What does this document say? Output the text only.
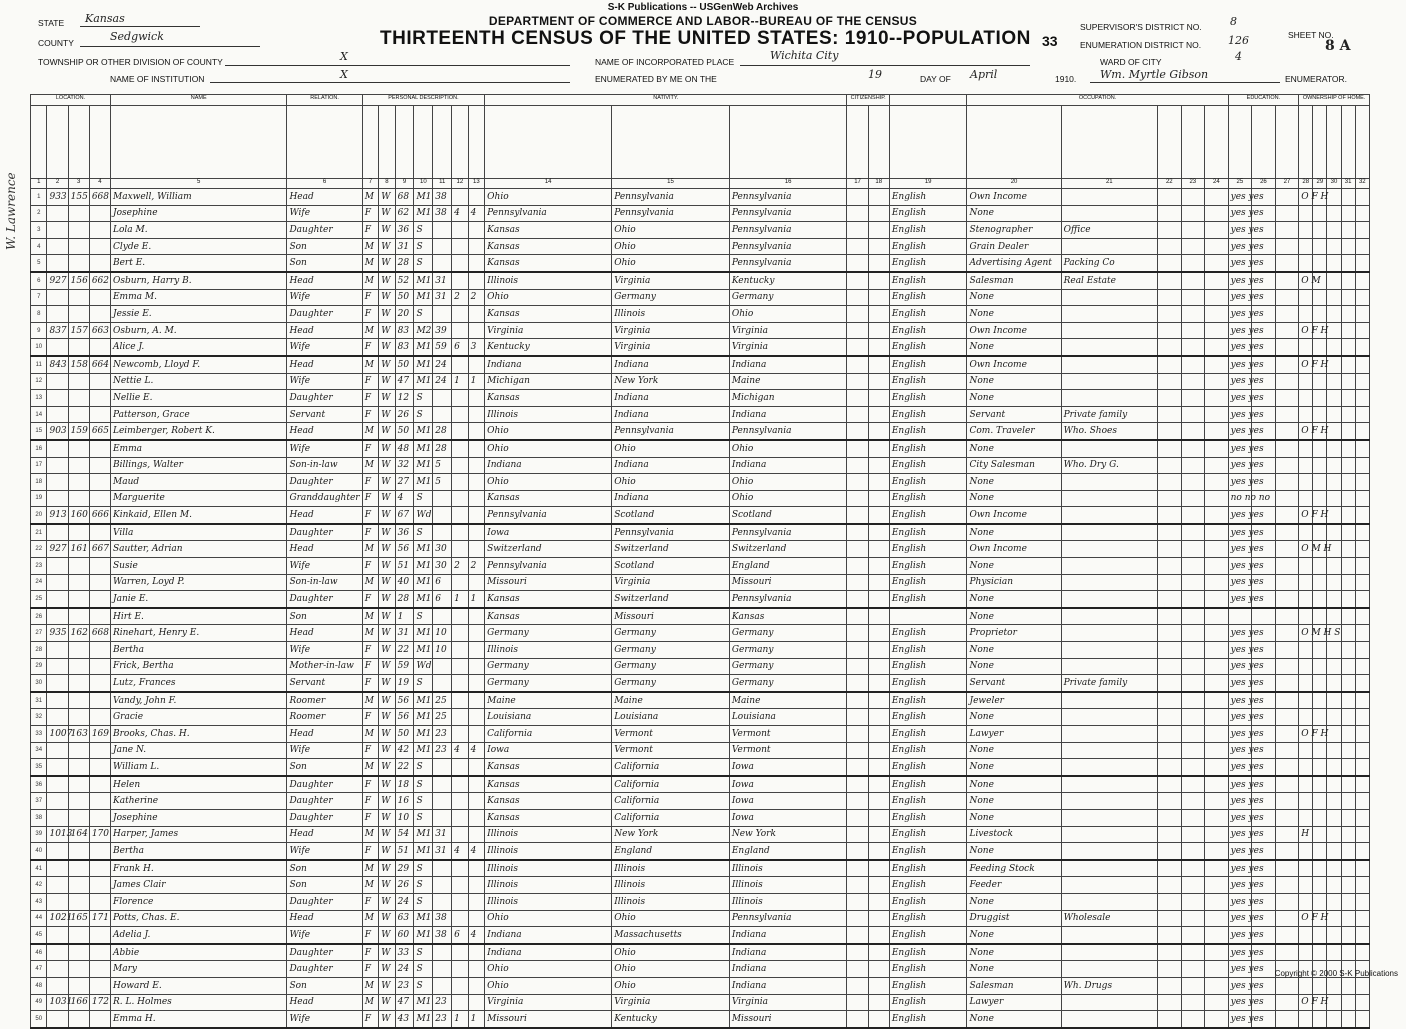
S-K Publications -- USGenWeb Archives
DEPARTMENT OF COMMERCE AND LABOR--BUREAU OF THE CENSUS
THIRTEENTH CENSUS OF THE UNITED STATES: 1910--POPULATION 33
STATE Kansas
COUNTY	Sedgwick
TOWNSHIP OR OTHER DIVISION OF COUNTY	X
NAME OF INSTITUTION	X
NAME OF INCORPORATED PLACE	Wichita City
ENUMERATED BY ME ON THE	19	DAY OF April	1910. Wm. Myrtle Gibson	ENUMERATOR.
SUPERVISOR'S DISTRICT NO.	8
ENUMERATION DISTRICT NO. 126
WARD OF CITY	4
SHEET NO.
8 A
W. Lawrence
LOCATION.				NAME	RELATION.	PERSONAL DESCRIPTION.							NATIVITY.			CITIZENSHIP.			OCCUPATION.					EDUCATION.			OWNERSHIP OF HOME.				

1	2	3	4	5	6	7	8	9	10	11	12	13	14	15	16	17	18	19	20	21	22	23	24	25	26	27	28	29	30	31	32
1	933	155	668	Maxwell, William	Head	M	W	68	M1	38			Ohio	Pennsylvania	Pennsylvania			English	Own Income					yes yes			O F H				
2				Josephine	Wife	F	W	62	M1	38	4	4	Pennsylvania	Pennsylvania	Pennsylvania			English	None					yes yes							
3				Lola M.	Daughter	F	W	36	S				Kansas	Ohio	Pennsylvania			English	Stenographer	Office				yes yes							
4				Clyde E.	Son	M	W	31	S				Kansas	Ohio	Pennsylvania			English	Grain Dealer					yes yes							
5				Bert E.	Son	M	W	28	S				Kansas	Ohio	Pennsylvania			English	Advertising Agent	Packing Co				yes yes							
6	927	156	662	Osburn, Harry B.	Head	M	W	52	M1	31			Illinois	Virginia	Kentucky			English	Salesman	Real Estate				yes yes			O M				
7				Emma M.	Wife	F	W	50	M1	31	2	2	Ohio	Germany	Germany			English	None					yes yes							
8				Jessie E.	Daughter	F	W	20	S				Kansas	Illinois	Ohio			English	None					yes yes							
9	837	157	663	Osburn, A. M.	Head	M	W	83	M2	39			Virginia	Virginia	Virginia			English	Own Income					yes yes			O F H				
10				Alice J.	Wife	F	W	83	M1	59	6	3	Kentucky	Virginia	Virginia			English	None					yes yes							
11	843	158	664	Newcomb, Lloyd F.	Head	M	W	50	M1	24			Indiana	Indiana	Indiana			English	Own Income					yes yes			O F H				
12				Nettie L.	Wife	F	W	47	M1	24	1	1	Michigan	New York	Maine			English	None					yes yes							
13				Nellie E.	Daughter	F	W	12	S				Kansas	Indiana	Michigan			English	None					yes yes							
14				Patterson, Grace	Servant	F	W	26	S				Illinois	Indiana	Indiana			English	Servant	Private family				yes yes							
15	903	159	665	Leimberger, Robert K.	Head	M	W	50	M1	28			Ohio	Pennsylvania	Pennsylvania			English	Com. Traveler	Who. Shoes				yes yes			O F H				
16				Emma	Wife	F	W	48	M1	28			Ohio	Ohio	Ohio			English	None					yes yes							
17				Billings, Walter	Son-in-law	M	W	32	M1	5			Indiana	Indiana	Indiana			English	City Salesman	Who. Dry G.				yes yes							
18				Maud	Daughter	F	W	27	M1	5			Ohio	Ohio	Ohio			English	None					yes yes							
19				Marguerite	Granddaughter	F	W	4	S				Kansas	Indiana	Ohio			English	None					no no no							
20	913	160	666	Kinkaid, Ellen M.	Head	F	W	67	Wd				Pennsylvania	Scotland	Scotland			English	Own Income					yes yes			O F H				
21				Villa	Daughter	F	W	36	S				Iowa	Pennsylvania	Pennsylvania			English	None					yes yes							
22	927	161	667	Sautter, Adrian	Head	M	W	56	M1	30			Switzerland	Switzerland	Switzerland			English	Own Income					yes yes			O M H				
23				Susie	Wife	F	W	51	M1	30	2	2	Pennsylvania	Scotland	England			English	None					yes yes							
24				Warren, Loyd P.	Son-in-law	M	W	40	M1	6			Missouri	Virginia	Missouri			English	Physician					yes yes							
25				Janie E.	Daughter	F	W	28	M1	6	1	1	Kansas	Switzerland	Pennsylvania			English	None					yes yes							
26				Hirt E.	Son	M	W	1	S				Kansas	Missouri	Kansas				None												
27	935	162	668	Rinehart, Henry E.	Head	M	W	31	M1	10			Germany	Germany	Germany			English	Proprietor					yes yes			O M H S				
28				Bertha	Wife	F	W	22	M1	10			Illinois	Germany	Germany			English	None					yes yes							
29				Frick, Bertha	Mother-in-law	F	W	59	Wd				Germany	Germany	Germany			English	None					yes yes							
30				Lutz, Frances	Servant	F	W	19	S				Germany	Germany	Germany			English	Servant	Private family				yes yes							
31				Vandy, John F.	Roomer	M	W	56	M1	25			Maine	Maine	Maine			English	Jeweler					yes yes							
32				Gracie	Roomer	F	W	56	M1	25			Louisiana	Louisiana	Louisiana			English	None					yes yes							
33	1007	163	169	Brooks, Chas. H.	Head	M	W	50	M1	23			California	Vermont	Vermont			English	Lawyer					yes yes			O F H				
34				Jane N.	Wife	F	W	42	M1	23	4	4	Iowa	Vermont	Vermont			English	None					yes yes							
35				William L.	Son	M	W	22	S				Kansas	California	Iowa			English	None					yes yes							
36				Helen	Daughter	F	W	18	S				Kansas	California	Iowa			English	None					yes yes							
37				Katherine	Daughter	F	W	16	S				Kansas	California	Iowa			English	None					yes yes							
38				Josephine	Daughter	F	W	10	S				Kansas	California	Iowa			English	None					yes yes							
39	1013	164	170	Harper, James	Head	M	W	54	M1	31			Illinois	New York	New York			English	Livestock					yes yes			H				
40				Bertha	Wife	F	W	51	M1	31	4	4	Illinois	England	England			English	None					yes yes							
41				Frank H.	Son	M	W	29	S				Illinois	Illinois	Illinois			English	Feeding Stock					yes yes							
42				James Clair	Son	M	W	26	S				Illinois	Illinois	Illinois			English	Feeder					yes yes							
43				Florence	Daughter	F	W	24	S				Illinois	Illinois	Illinois			English	None					yes yes							
44	1021	165	171	Potts, Chas. E.	Head	M	W	63	M1	38			Ohio	Ohio	Pennsylvania			English	Druggist	Wholesale				yes yes			O F H				
45				Adelia J.	Wife	F	W	60	M1	38	6	4	Indiana	Massachusetts	Indiana			English	None					yes yes							
46				Abbie	Daughter	F	W	33	S				Indiana	Ohio	Indiana			English	None					yes yes							
47				Mary	Daughter	F	W	24	S				Ohio	Ohio	Indiana			English	None					yes yes							
48				Howard E.	Son	M	W	23	S				Ohio	Ohio	Indiana			English	Salesman	Wh. Drugs				yes yes							
49	1031	166	172	R. L. Holmes	Head	M	W	47	M1	23			Virginia	Virginia	Virginia			English	Lawyer					yes yes			O F H				
50				Emma H.	Wife	F	W	43	M1	23	1	1	Missouri	Kentucky	Missouri			English	None					yes yes							
Copyright © 2000 S-K Publications
